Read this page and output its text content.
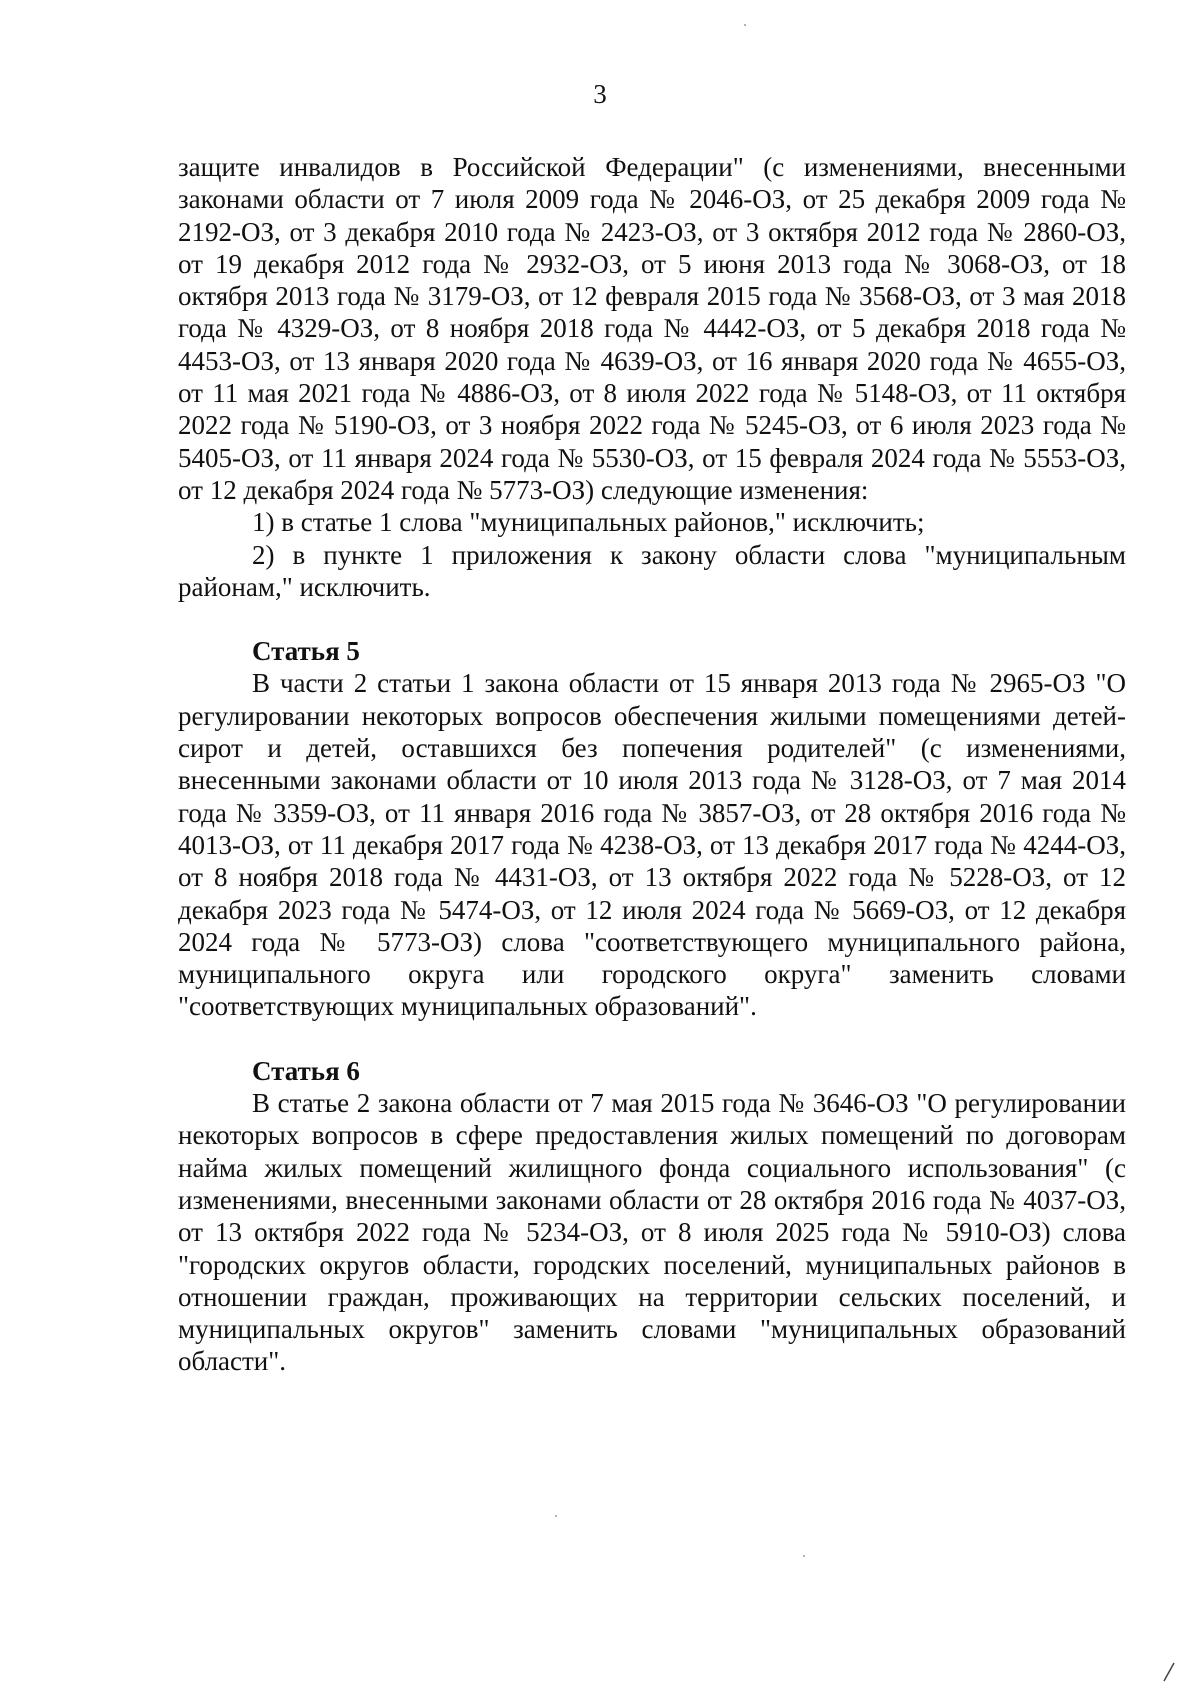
3

защите инвалидов в Российской Федерации" (с изменениями, внесенными законами области от 7 июля 2009 года № 2046-ОЗ, от 25 декабря 2009 года № 2192-ОЗ, от 3 декабря 2010 года № 2423-ОЗ, от 3 октября 2012 года № 2860-ОЗ, от 19 декабря 2012 года № 2932-ОЗ, от 5 июня 2013 года № 3068-ОЗ, от 18 октября 2013 года № 3179-ОЗ, от 12 февраля 2015 года № 3568-ОЗ, от 3 мая 2018 года № 4329-ОЗ, от 8 ноября 2018 года № 4442-ОЗ, от 5 декабря 2018 года № 4453-ОЗ, от 13 января 2020 года № 4639-ОЗ, от 16 января 2020 года № 4655-ОЗ, от 11 мая 2021 года № 4886-ОЗ, от 8 июля 2022 года № 5148-ОЗ, от 11 октября 2022 года № 5190-ОЗ, от 3 ноября 2022 года № 5245-ОЗ, от 6 июля 2023 года № 5405-ОЗ, от 11 января 2024 года № 5530-ОЗ, от 15 февраля 2024 года № 5553-ОЗ, от 12 декабря 2024 года № 5773-ОЗ) следующие изменения:

1) в статье 1 слова "муниципальных районов," исключить;

2) в пункте 1 приложения к закону области слова "муниципальным районам," исключить.

Статья 5

В части 2 статьи 1 закона области от 15 января 2013 года № 2965-ОЗ "О регулировании некоторых вопросов обеспечения жилыми помещениями детей-сирот и детей, оставшихся без попечения родителей" (с изменениями, внесенными законами области от 10 июля 2013 года № 3128-ОЗ, от 7 мая 2014 года № 3359-ОЗ, от 11 января 2016 года № 3857-ОЗ, от 28 октября 2016 года № 4013-ОЗ, от 11 декабря 2017 года № 4238-ОЗ, от 13 декабря 2017 года № 4244-ОЗ, от 8 ноября 2018 года № 4431-ОЗ, от 13 октября 2022 года № 5228-ОЗ, от 12 декабря 2023 года № 5474-ОЗ, от 12 июля 2024 года № 5669-ОЗ, от 12 декабря 2024 года № 5773-ОЗ) слова "соответствующего муниципального района, муниципального округа или городского округа" заменить словами "соответствующих муниципальных образований".

Статья 6

В статье 2 закона области от 7 мая 2015 года № 3646-ОЗ "О регулировании некоторых вопросов в сфере предоставления жилых помещений по договорам найма жилых помещений жилищного фонда социального использования" (с изменениями, внесенными законами области от 28 октября 2016 года № 4037-ОЗ, от 13 октября 2022 года № 5234-ОЗ, от 8 июля 2025 года № 5910-ОЗ) слова "городских округов области, городских поселений, муниципальных районов в отношении граждан, проживающих на территории сельских поселений, и муниципальных округов" заменить словами "муниципальных образований области".
